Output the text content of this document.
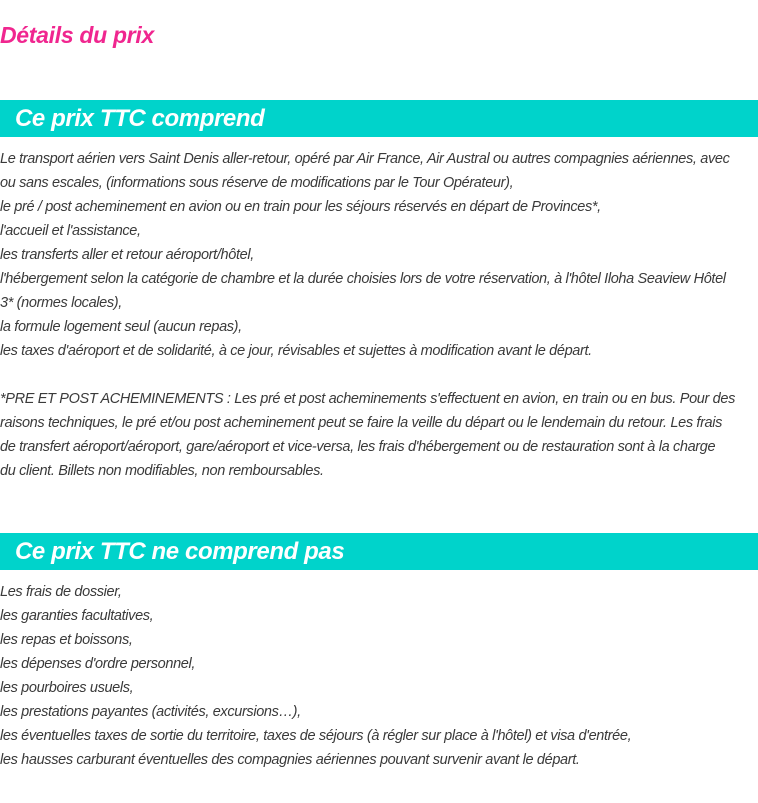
Détails du prix
Ce prix TTC comprend
Le transport aérien vers Saint Denis aller-retour, opéré par Air France, Air Austral ou autres compagnies aériennes, avec
ou sans escales, (informations sous réserve de modifications par le Tour Opérateur),
le pré / post acheminement en avion ou en train pour les séjours réservés en départ de Provinces*,
l'accueil et l'assistance,
les transferts aller et retour aéroport/hôtel,
l'hébergement selon la catégorie de chambre et la durée choisies lors de votre réservation, à l'hôtel Iloha Seaview Hôtel
3* (normes locales),
la formule logement seul (aucun repas),
les taxes d'aéroport et de solidarité, à ce jour, révisables et sujettes à modification avant le départ.
*PRE ET POST ACHEMINEMENTS : Les pré et post acheminements s'effectuent en avion, en train ou en bus. Pour des
raisons techniques, le pré et/ou post acheminement peut se faire la veille du départ ou le lendemain du retour. Les frais
de transfert aéroport/aéroport, gare/aéroport et vice-versa, les frais d'hébergement ou de restauration sont à la charge
du client. Billets non modifiables, non remboursables.
Ce prix TTC ne comprend pas
Les frais de dossier,
les garanties facultatives,
les repas et boissons,
les dépenses d'ordre personnel,
les pourboires usuels,
les prestations payantes (activités, excursions…),
les éventuelles taxes de sortie du territoire, taxes de séjours (à régler sur place à l'hôtel) et visa d'entrée,
les hausses carburant éventuelles des compagnies aériennes pouvant survenir avant le départ.
